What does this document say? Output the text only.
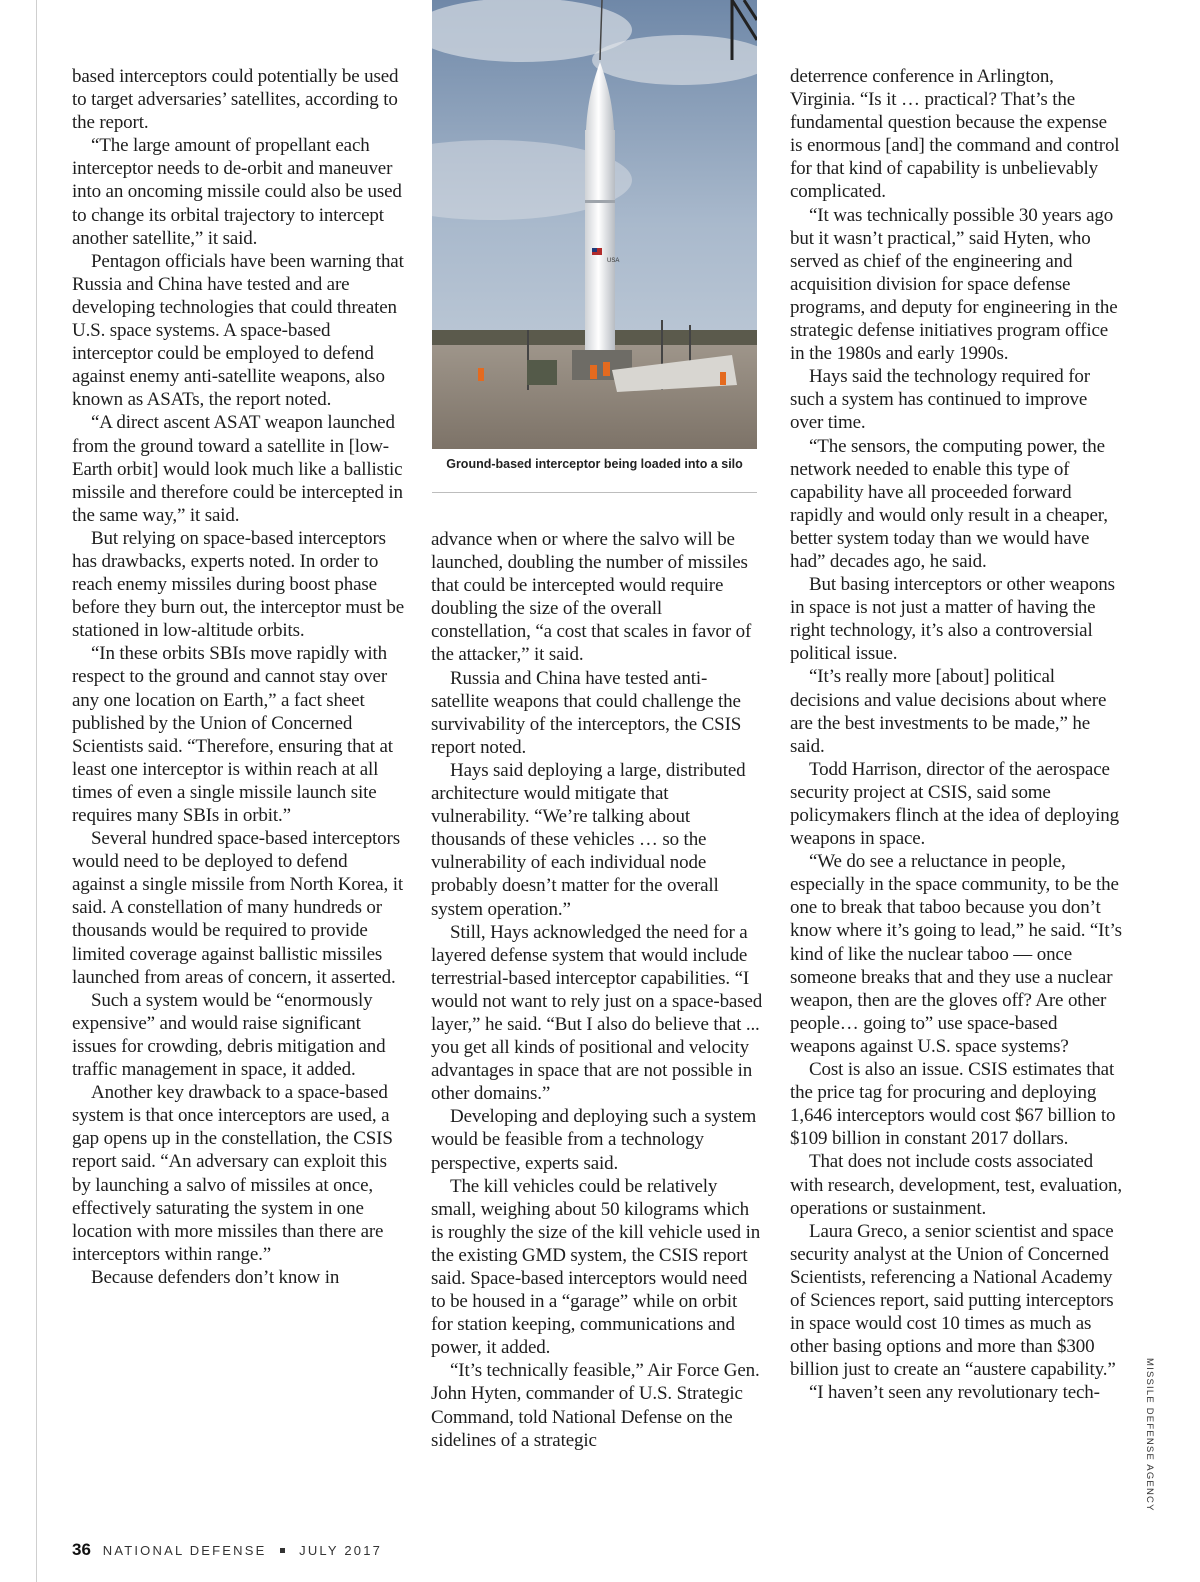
based interceptors could potentially be used to target adversaries’ satellites, according to the report.

“The large amount of propellant each interceptor needs to de-orbit and maneuver into an oncoming missile could also be used to change its orbital trajectory to intercept another satellite,” it said.

Pentagon officials have been warning that Russia and China have tested and are developing technologies that could threaten U.S. space systems. A space-based interceptor could be employed to defend against enemy anti-satellite weapons, also known as ASATs, the report noted.

“A direct ascent ASAT weapon launched from the ground toward a satellite in [low-Earth orbit] would look much like a ballistic missile and therefore could be intercepted in the same way,” it said.

But relying on space-based interceptors has drawbacks, experts noted. In order to reach enemy missiles during boost phase before they burn out, the interceptor must be stationed in low-altitude orbits.

“In these orbits SBIs move rapidly with respect to the ground and cannot stay over any one location on Earth,” a fact sheet published by the Union of Concerned Scientists said. “Therefore, ensuring that at least one interceptor is within reach at all times of even a single missile launch site requires many SBIs in orbit.”

Several hundred space-based interceptors would need to be deployed to defend against a single missile from North Korea, it said. A constellation of many hundreds or thousands would be required to provide limited coverage against ballistic missiles launched from areas of concern, it asserted.

Such a system would be “enormously expensive” and would raise significant issues for crowding, debris mitigation and traffic management in space, it added.

Another key drawback to a space-based system is that once interceptors are used, a gap opens up in the constellation, the CSIS report said. “An adversary can exploit this by launching a salvo of missiles at once, effectively saturating the system in one location with more missiles than there are interceptors within range.”

Because defenders don’t know in

USA
Ground-based interceptor being loaded into a silo

advance when or where the salvo will be launched, doubling the number of missiles that could be intercepted would require doubling the size of the overall constellation, “a cost that scales in favor of the attacker,” it said.

Russia and China have tested anti-satellite weapons that could challenge the survivability of the interceptors, the CSIS report noted.

Hays said deploying a large, distributed architecture would mitigate that vulnerability. “We’re talking about thousands of these vehicles … so the vulnerability of each individual node probably doesn’t matter for the overall system operation.”

Still, Hays acknowledged the need for a layered defense system that would include terrestrial-based interceptor capabilities. “I would not want to rely just on a space-based layer,” he said. “But I also do believe that ... you get all kinds of positional and velocity advantages in space that are not possible in other domains.”

Developing and deploying such a system would be feasible from a technology perspective, experts said.

The kill vehicles could be relatively small, weighing about 50 kilograms which is roughly the size of the kill vehicle used in the existing GMD system, the CSIS report said. Space-based interceptors would need to be housed in a “garage” while on orbit for station keeping, communications and power, it added.

“It’s technically feasible,” Air Force Gen. John Hyten, commander of U.S. Strategic Command, told National Defense on the sidelines of a strategic

deterrence conference in Arlington, Virginia. “Is it … practical? That’s the fundamental question because the expense is enormous [and] the command and control for that kind of capability is unbelievably complicated.

“It was technically possible 30 years ago but it wasn’t practical,” said Hyten, who served as chief of the engineering and acquisition division for space defense programs, and deputy for engineering in the strategic defense initiatives program office in the 1980s and early 1990s.

Hays said the technology required for such a system has continued to improve over time.

“The sensors, the computing power, the network needed to enable this type of capability have all proceeded forward rapidly and would only result in a cheaper, better system today than we would have had” decades ago, he said.

But basing interceptors or other weapons in space is not just a matter of having the right technology, it’s also a controversial political issue.

“It’s really more [about] political decisions and value decisions about where are the best investments to be made,” he said.

Todd Harrison, director of the aerospace security project at CSIS, said some policymakers flinch at the idea of deploying weapons in space.

“We do see a reluctance in people, especially in the space community, to be the one to break that taboo because you don’t know where it’s going to lead,” he said. “It’s kind of like the nuclear taboo — once someone breaks that and they use a nuclear weapon, then are the gloves off? Are other people… going to” use space-based weapons against U.S. space systems?

Cost is also an issue. CSIS estimates that the price tag for procuring and deploying 1,646 interceptors would cost $67 billion to $109 billion in constant 2017 dollars.

That does not include costs associated with research, development, test, evaluation, operations or sustainment.

Laura Greco, a senior scientist and space security analyst at the Union of Concerned Scientists, referencing a National Academy of Sciences report, said putting interceptors in space would cost 10 times as much as other basing options and more than $300 billion just to create an “austere capability.”

“I haven’t seen any revolutionary tech-	MISSILE DEFENSE AGENCY
36 NATIONAL DEFENSE	JULY 2017
